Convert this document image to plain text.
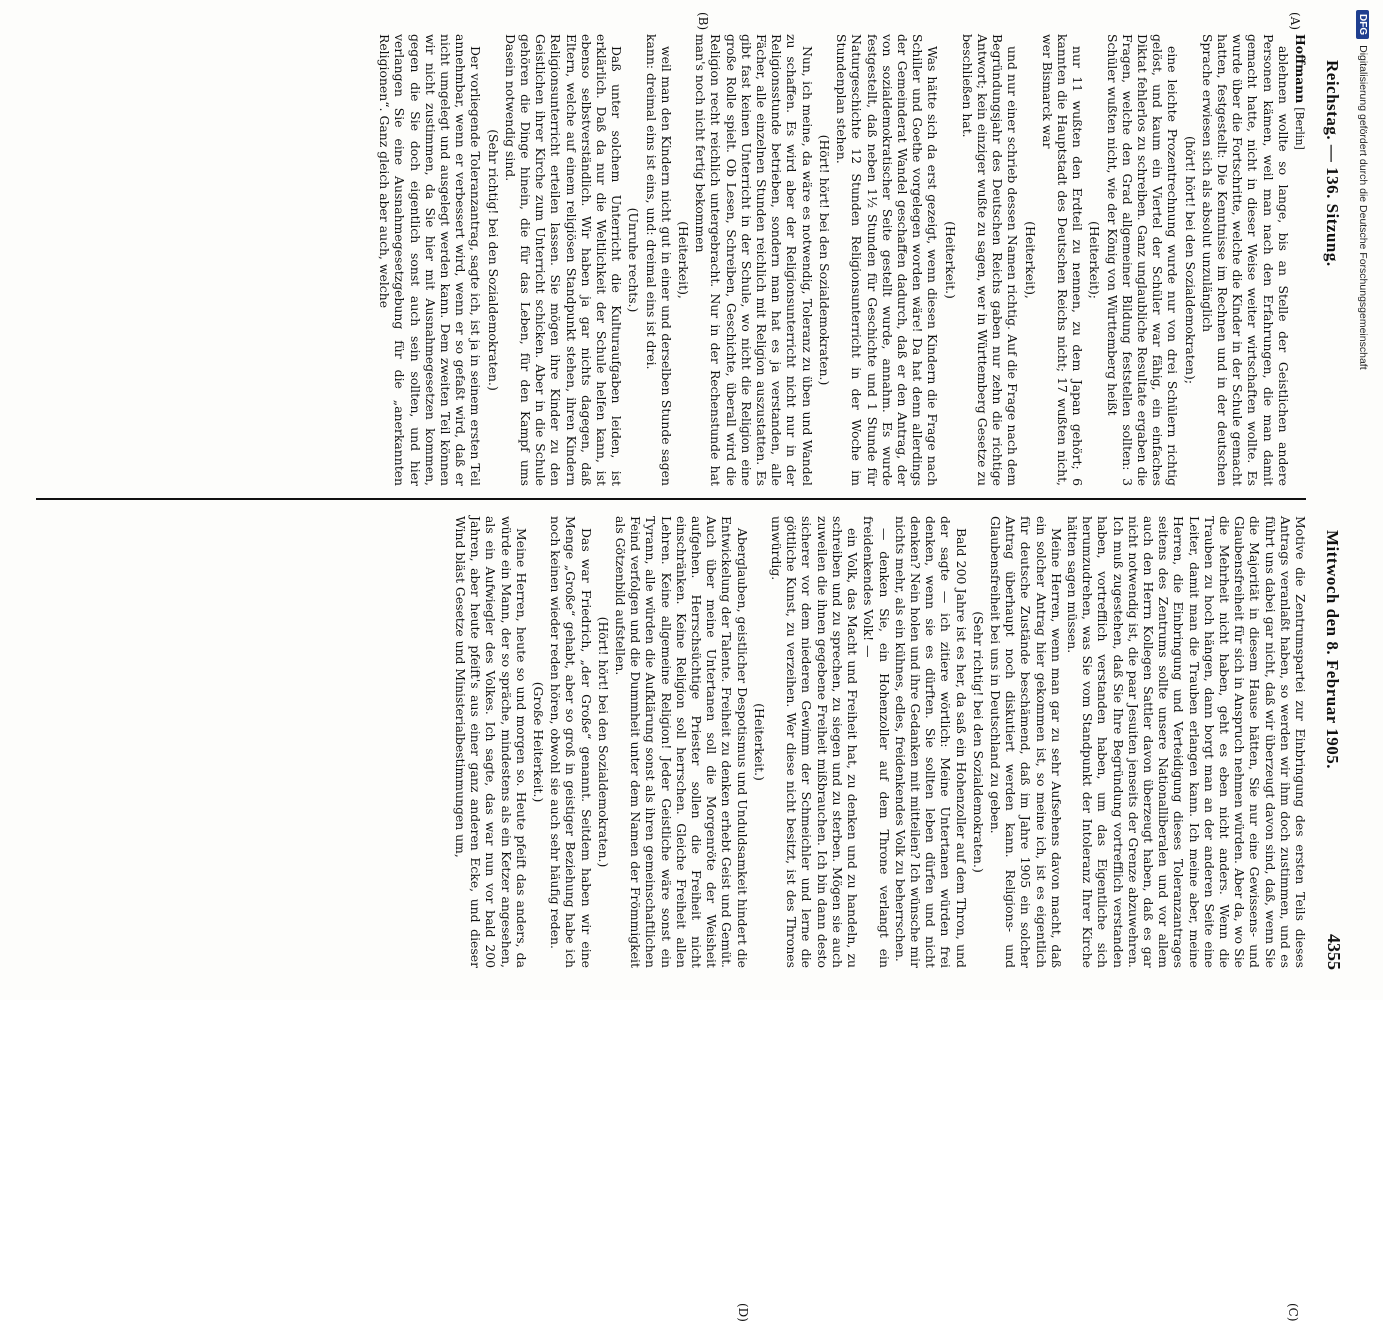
Reichstag. — 136. Sitzung.
Mittwoch den 8. Februar 1905.
4355
(A)
(B)

Hoffmann [Berlin]

ablehnen wollte so lange, bis an Stelle der Geistlichen andere Personen kämen, weil man nach den Erfahrungen, die man damit gemacht hatte, nicht in dieser Weise weiter wirtschaften wollte. Es wurde über die Fortschritte, welche die Kinder in der Schule gemacht hatten, festgestellt: Die Kenntnisse im Rechnen und in der deutschen Sprache erwiesen sich als absolut unzulänglich

(hört! hört! bei den Sozialdemokraten);

eine leichte Prozentrechnung wurde nur von drei Schülern richtig gelöst, und kaum ein Viertel der Schüler war fähig, ein einfaches Diktat fehlerlos zu schreiben. Ganz unglaubliche Resultate ergaben die Fragen, welche den Grad allgemeiner Bildung feststellen sollten: 3 Schüler wußten nicht, wie der König von Württemberg heißt

(Heiterkeit);

nur 11 wußten den Erdteil zu nennen, zu dem Japan gehört; 6 kannten die Hauptstadt des Deutschen Reichs nicht; 17 wußten nicht, wer Bismarck war

(Heiterkeit),

und nur einer schrieb dessen Namen richtig. Auf die Frage nach dem Begründungsjahr des Deutschen Reichs gaben nur zehn die richtige Antwort; kein einziger wußte zu sagen, wer in Württemberg Gesetze zu beschließen hat.

(Heiterkeit.)

Was hätte sich da erst gezeigt, wenn diesen Kindern die Frage nach Schiller und Goethe vorgelegen worden wäre! Da hat denn allerdings der Gemeinderat Wandel geschaffen dadurch, daß er den Antrag, der von sozialdemokratischer Seite gestellt wurde, annahm. Es wurde festgestellt, daß neben 1½ Stunden für Geschichte und 1 Stunde für Naturgeschichte 12 Stunden Religionsunterricht in der Woche im Stundenplan stehen.

(Hört! hört! bei den Sozialdemokraten.)

Nun, ich meine, da wäre es notwendig, Toleranz zu üben und Wandel zu schaffen. Es wird aber der Religionsunterricht nicht nur in der Religionsstunde betrieben, sondern man hat es ja verstanden, alle Fächer, alle einzelnen Stunden reichlich mit Religion auszustatten. Es gibt fast keinen Unterricht in der Schule, wo nicht die Religion eine große Rolle spielt. Ob Lesen, Schreiben, Geschichte, überall wird die Religion recht reichlich untergebracht. Nur in der Rechenstunde hat man's noch nicht fertig bekommen

(Heiterkeit),

weil man den Kindern nicht gut in einer und derselben Stunde sagen kann: dreimal eins ist eins, und: dreimal eins ist drei.

(Unruhe rechts.)

Daß unter solchem Unterricht die Kulturaufgaben leiden, ist erklärlich. Daß da nur die Weltlichkeit der Schule helfen kann, ist ebenso selbstverständlich. Wir haben ja gar nichts dagegen, daß Eltern, welche auf einem religiösen Standpunkt stehen, ihren Kindern Religionsunterricht erteilen lassen. Sie mögen ihre Kinder zu den Geistlichen ihrer Kirche zum Unterricht schicken. Aber in die Schule gehören die Dinge hinein, die für das Leben, für den Kampf ums Dasein notwendig sind.

(Sehr richtig! bei den Sozialdemokraten.)

Der vorliegende Toleranzantrag, sagte ich, ist ja in seinem ersten Teil annehmbar, wenn er verbessert wird, wenn er so gefaßt wird, daß er nicht umgelegt und ausgelegt werden kann. Dem zweiten Teil können wir nicht zustimmen, da Sie hier mit Ausnahmegesetzen kommen, gegen die Sie doch eigentlich sonst auch sein sollten, und hier verlangen Sie eine Ausnahmegesetzgebung für die „anerkannten Religionen“. Ganz gleich aber auch, welche

Motive die Zentrumspartei zur Einbringung des ersten Teils dieses Antrags veranlaßt haben, so werden wir ihm doch zustimmen, und es führt uns dabei gar nicht, daß wir überzeugt davon sind, daß, wenn Sie die Majorität in diesem Hause hätten, Sie nur eine Gewissens- und Glaubensfreiheit für sich in Anspruch nehmen würden. Aber da, wo Sie die Mehrheit nicht haben, geht es eben nicht anders. Wenn die Trauben zu hoch hängen, dann borgt man an der anderen Seite eine Leiter, damit man die Trauben erlangen kann. Ich meine aber, meine Herren, die Einbringung und Verteidigung dieses Toleranzantrages seitens des Zentrums sollte unsere Nationalliberalen und vor allem auch den Herrn Kollegen Sattler davon überzeugt haben, daß es gar nicht notwendig ist, die paar Jesuiten jenseits der Grenze abzuwehren. Ich muß zugestehen, daß Sie Ihre Begründung vortrefflich verstanden haben, vortrefflich verstanden haben, um das Eigentliche sich herumzudrehen, was Sie vom Standpunkt der Intoleranz Ihrer Kirche hätten sagen müssen.

Meine Herren, wenn man gar zu sehr Aufsehens davon macht, daß ein solcher Antrag hier gekommen ist, so meine ich, ist es eigentlich für deutsche Zustände beschämend, daß im Jahre 1905 ein solcher Antrag überhaupt noch diskutiert werden kann. Religions- und Glaubensfreiheit bei uns in Deutschland zu geben.

(Sehr richtig! bei den Sozialdemokraten.)

Bald 200 Jahre ist es her, da saß ein Hohenzoller auf dem Thron, und der sagte — ich zitiere wörtlich: Meine Untertanen würden frei denken, wenn sie es dürften. Sie sollten leben dürfen und nicht denken? Nein holen und ihre Gedanken mit mitteilen? Ich wünsche mir nichts mehr, als ein kühnes, edles, freidenkendes Volk zu beherrschen.

— denken Sie, ein Hohenzoller auf dem Throne verlangt ein freidenkendes Volk! —

ein Volk, das Macht und Freiheit hat, zu denken und zu handeln, zu schreiben und zu sprechen, zu siegen und zu sterben. Mögen sie auch zuweilen die ihnen gegebene Freiheit mißbrauchen. Ich bin dann desto sicherer vor dem niederen Gewimm der Schmeichler und lerne die göttliche Kunst, zu verzeihen. Wer diese nicht besitzt, ist des Thrones unwürdig.

(Heiterkeit.)

Aberglauben, geistlicher Despotismus und Unduldsamkeit hindert die Entwickelung der Talente. Freiheit zu denken erhebt Geist und Gemüt. Auch über meine Untertanen soll die Morgenröte der Weisheit aufgehen. Herrschsüchtige Priester sollen die Freiheit nicht einschränken. Keine Religion soll herrschen. Gleiche Freiheit allen Lehren. Keine allgemeine Religion! Jeder Geistliche wäre sonst ein Tyrann, alle würden die Aufklärung sonst als ihren gemeinschaftlichen Feind verfolgen und die Dummheit unter dem Namen der Frömmigkeit als Götzenbild aufstellen.

(Hört! hört! bei den Sozialdemokraten.)

Das war Friedrich, „der Große“ genannt. Seitdem haben wir eine Menge „Große“ gehabt, aber so groß in geistiger Beziehung habe ich noch keinen wieder reden hören, obwohl sie auch sehr häufig reden.

(Große Heiterkeit.)

Meine Herren, heute so und morgen so. Heute pfeift das anders, da würde ein Mann, der so spräche, mindestens als ein Ketzer angesehen, als ein Aufwiegler des Volkes. Ich sagte, das war nun vor bald 200 Jahren, aber heute pfeift's aus einer ganz anderen Ecke, und dieser Wind bläst Gesetze und Ministerialbestimmungen um,

(C)
(D)
DFG
Digitalisierung gefördert durch die Deutsche Forschungsgemeinschaft
